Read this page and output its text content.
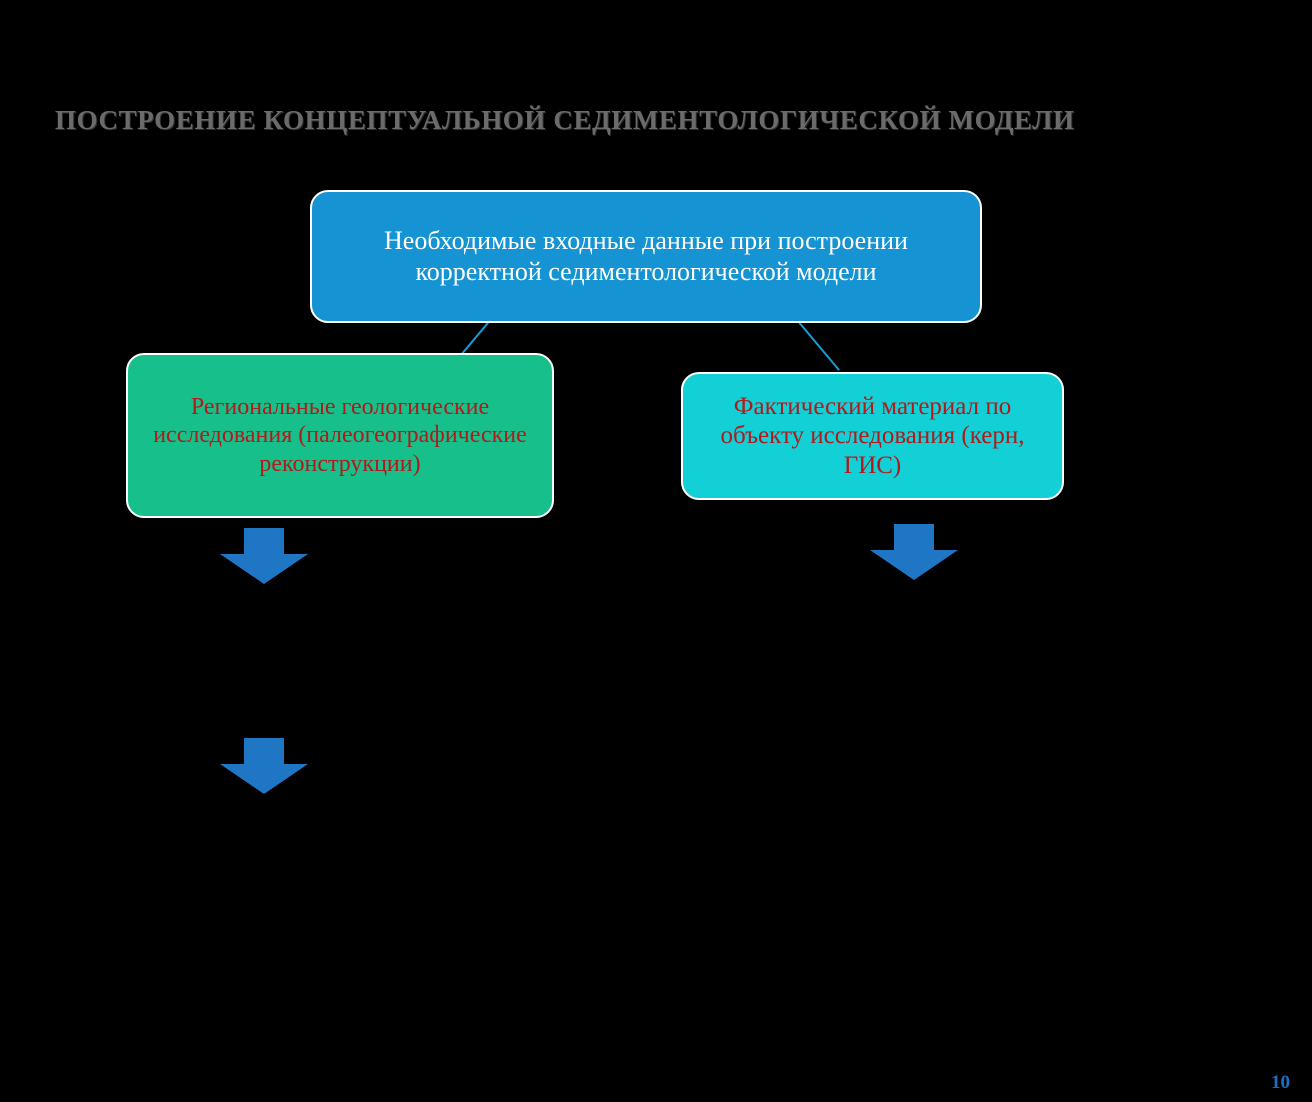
ПОСТРОЕНИЕ КОНЦЕПТУАЛЬНОЙ СЕДИМЕНТОЛОГИЧЕСКОЙ МОДЕЛИ
Необходимые входные данные при построении корректной седиментологической модели
Региональные геологические исследования (палеогеографические реконструкции)
Фактический материал по объекту исследования (керн, ГИС)
10
